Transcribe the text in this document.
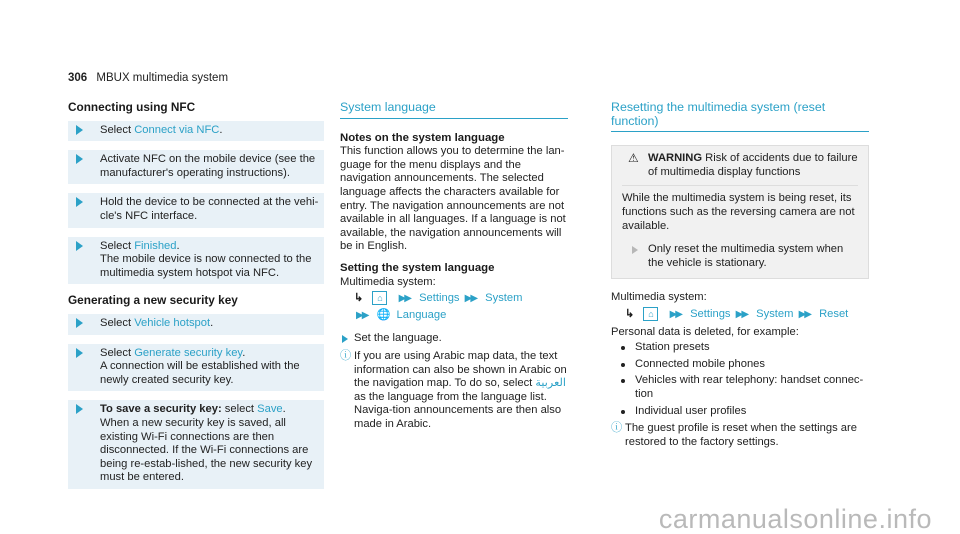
306 MBUX multimedia system
Connecting using NFC
Select Connect via NFC.
Activate NFC on the mobile device (see the manufacturer's operating instructions).
Hold the device to be connected at the vehi-cle's NFC interface.
Select Finished.
The mobile device is now connected to the multimedia system hotspot via NFC.
Generating a new security key
Select Vehicle hotspot.
Select Generate security key.
A connection will be established with the newly created security key.
To save a security key: select Save.
When a new security key is saved, all existing Wi-Fi connections are then disconnected. If the Wi-Fi connections are being re-estab-lished, the new security key must be entered.
System language
Notes on the system language
This function allows you to determine the lan-guage for the menu displays and the navigation announcements. The selected language affects the characters available for entry. The navigation announcements are not available in all languages. If a language is not available, the navigation announcements will be in English.
Setting the system language
Multimedia system:
↳ ⌂ ▶▶ Settings ▶▶ System
▶▶ 🌐 Language
Set the language.
ⓘ If you are using Arabic map data, the text information can also be shown in Arabic on the navigation map. To do so, select العربية as the language from the language list. Naviga-tion announcements are then also made in Arabic.
Resetting the multimedia system (reset function)
⚠ WARNING Risk of accidents due to failure of multimedia display functions
While the multimedia system is being reset, its functions such as the reversing camera are not available.
Only reset the multimedia system when the vehicle is stationary.
Multimedia system:
↳ ⌂ ▶▶ Settings ▶▶ System ▶▶ Reset
Personal data is deleted, for example:
Station presets
Connected mobile phones
Vehicles with rear telephony: handset connec-tion
Individual user profiles
ⓘ The guest profile is reset when the settings are restored to the factory settings.
carmanualsonline.info
